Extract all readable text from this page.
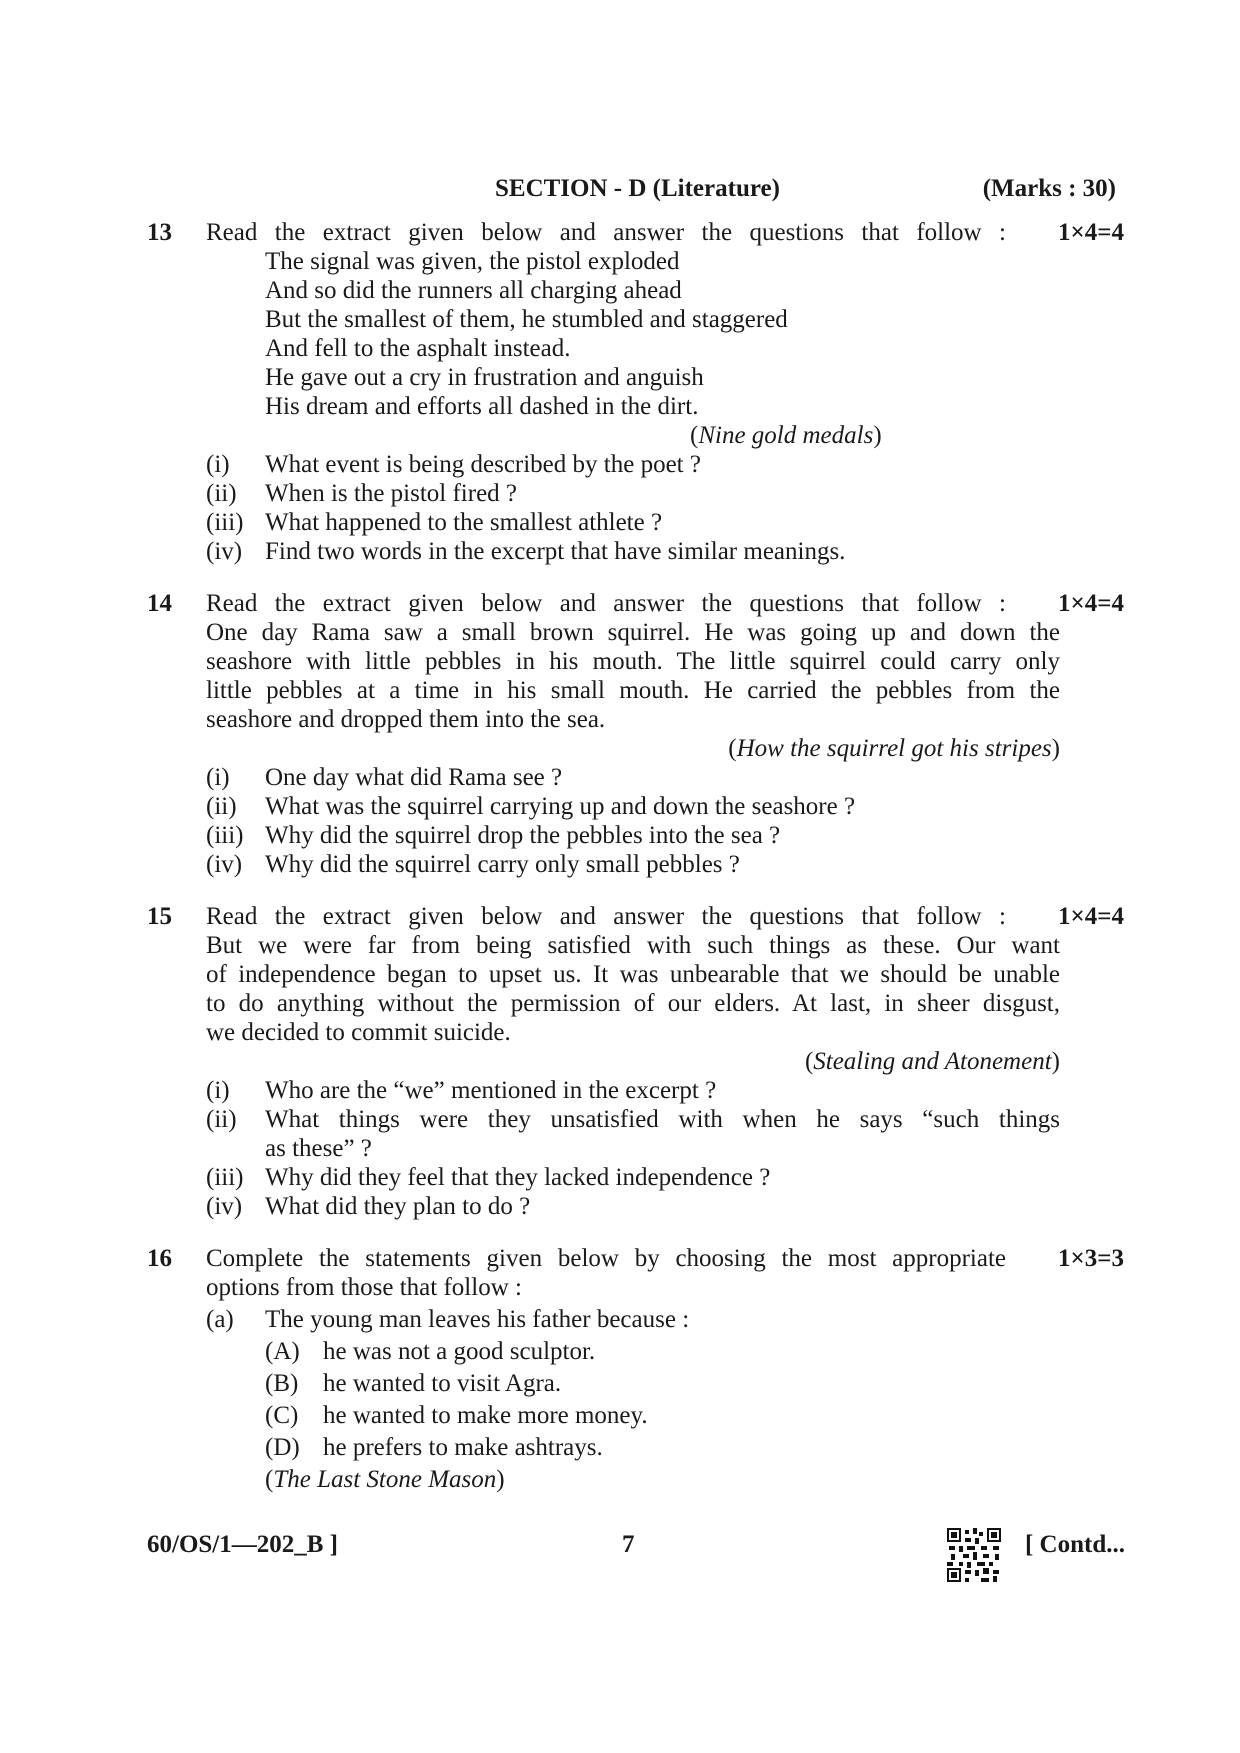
SECTION - D (Literature)	(Marks : 30)
13 Read the extract given below and answer the questions that follow : 1×4=4
The signal was given, the pistol exploded
And so did the runners all charging ahead
But the smallest of them, he stumbled and staggered
And fell to the asphalt instead.
He gave out a cry in frustration and anguish
His dream and efforts all dashed in the dirt.
(Nine gold medals)
(i) What event is being described by the poet ?
(ii) When is the pistol fired ?
(iii) What happened to the smallest athlete ?
(iv) Find two words in the excerpt that have similar meanings.
14 Read the extract given below and answer the questions that follow : 1×4=4
One day Rama saw a small brown squirrel. He was going up and down the
seashore with little pebbles in his mouth. The little squirrel could carry only
little pebbles at a time in his small mouth. He carried the pebbles from the
seashore and dropped them into the sea.
(How the squirrel got his stripes)
(i) One day what did Rama see ?
(ii) What was the squirrel carrying up and down the seashore ?
(iii) Why did the squirrel drop the pebbles into the sea ?
(iv) Why did the squirrel carry only small pebbles ?
15 Read the extract given below and answer the questions that follow : 1×4=4
But we were far from being satisfied with such things as these. Our want
of independence began to upset us. It was unbearable that we should be unable
to do anything without the permission of our elders. At last, in sheer disgust,
we decided to commit suicide.
(Stealing and Atonement)
(i) Who are the “we” mentioned in the excerpt ?
(ii) What things were they unsatisfied with when he says “such things
as these” ?
(iii) Why did they feel that they lacked independence ?
(iv) What did they plan to do ?
16 Complete the statements given below by choosing the most appropriate 1×3=3
options from those that follow :
(a) The young man leaves his father because :
(A) he was not a good sculptor.
(B) he wanted to visit Agra.
(C) he wanted to make more money.
(D) he prefers to make ashtrays.
(The Last Stone Mason)
60/OS/1—202_B ]	7	[ Contd...
